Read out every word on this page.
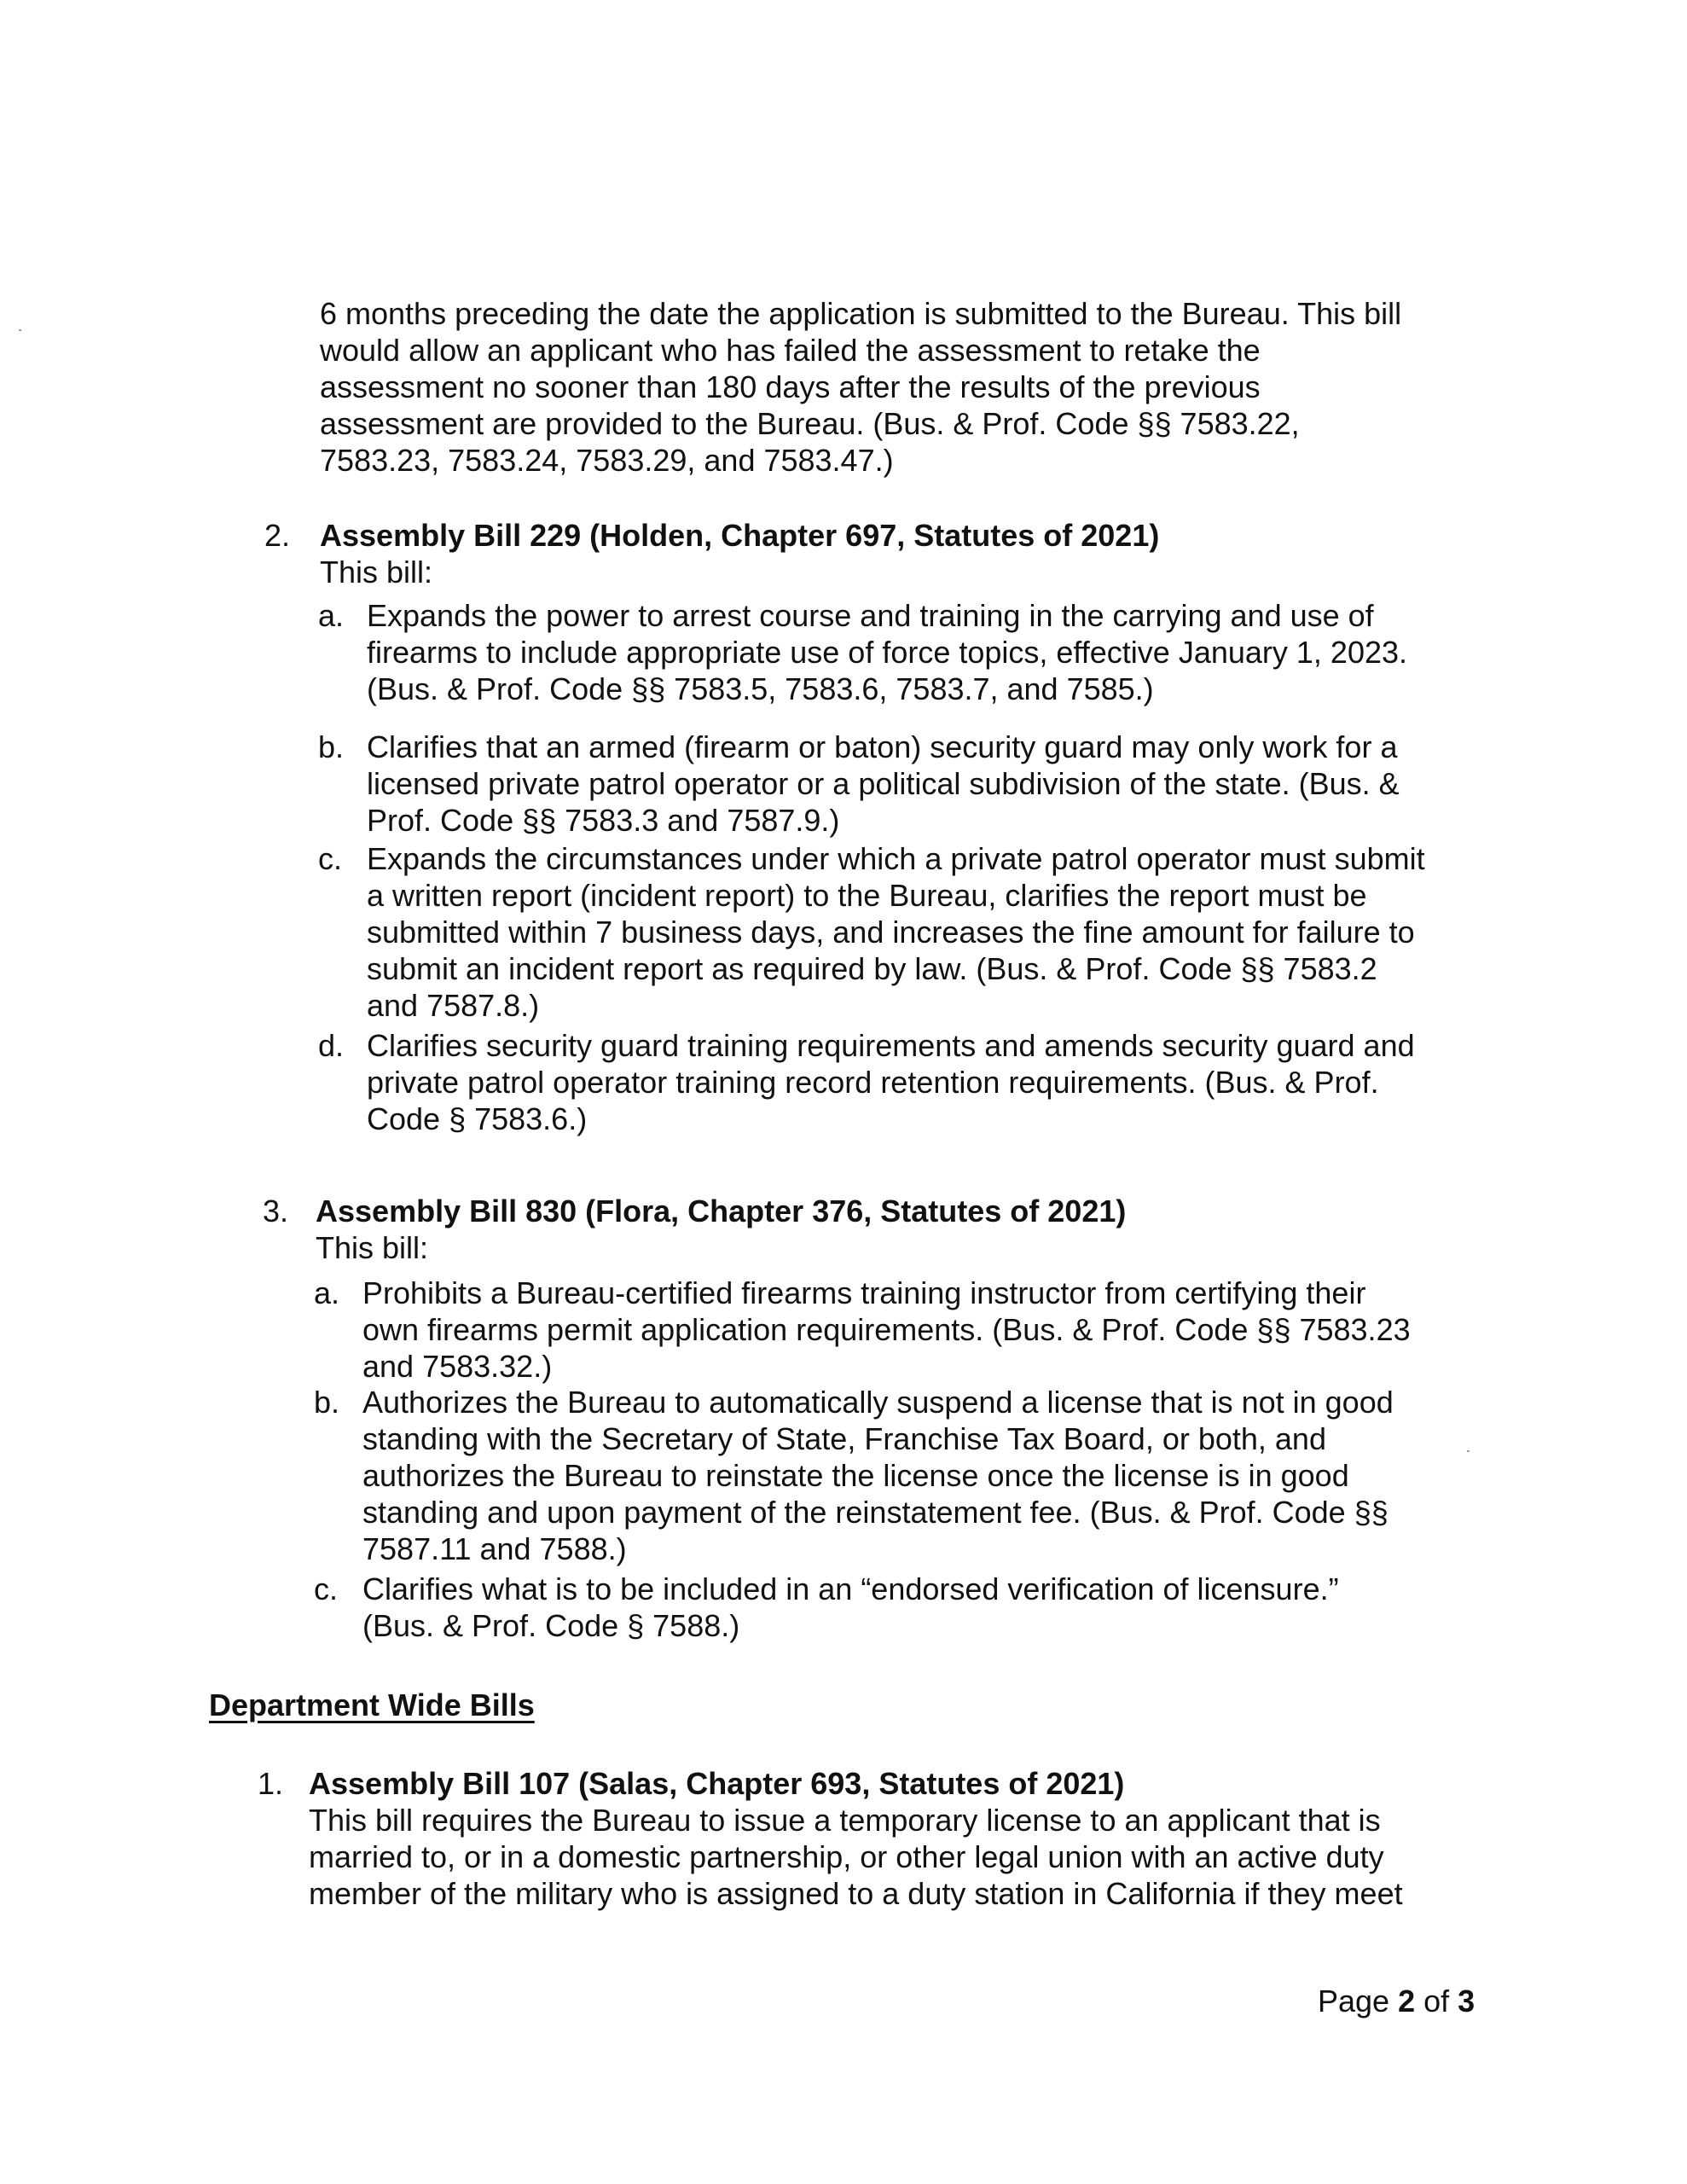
6 months preceding the date the application is submitted to the Bureau. This bill
would allow an applicant who has failed the assessment to retake the
assessment no sooner than 180 days after the results of the previous
assessment are provided to the Bureau. (Bus. & Prof. Code §§ 7583.22,
7583.23, 7583.24, 7583.29, and 7583.47.)
2. Assembly Bill 229 (Holden, Chapter 697, Statutes of 2021)
This bill:
a. Expands the power to arrest course and training in the carrying and use of
firearms to include appropriate use of force topics, effective January 1, 2023.
(Bus. & Prof. Code §§ 7583.5, 7583.6, 7583.7, and 7585.)
b. Clarifies that an armed (firearm or baton) security guard may only work for a
licensed private patrol operator or a political subdivision of the state. (Bus. &
Prof. Code §§ 7583.3 and 7587.9.)
c. Expands the circumstances under which a private patrol operator must submit
a written report (incident report) to the Bureau, clarifies the report must be
submitted within 7 business days, and increases the fine amount for failure to
submit an incident report as required by law. (Bus. & Prof. Code §§ 7583.2
and 7587.8.)
d. Clarifies security guard training requirements and amends security guard and
private patrol operator training record retention requirements. (Bus. & Prof.
Code § 7583.6.)
3. Assembly Bill 830 (Flora, Chapter 376, Statutes of 2021)
This bill:
a. Prohibits a Bureau-certified firearms training instructor from certifying their
own firearms permit application requirements. (Bus. & Prof. Code §§ 7583.23
and 7583.32.)
b. Authorizes the Bureau to automatically suspend a license that is not in good
standing with the Secretary of State, Franchise Tax Board, or both, and
authorizes the Bureau to reinstate the license once the license is in good
standing and upon payment of the reinstatement fee. (Bus. & Prof. Code §§
7587.11 and 7588.)
c. Clarifies what is to be included in an “endorsed verification of licensure.”
(Bus. & Prof. Code § 7588.)
Department Wide Bills
1. Assembly Bill 107 (Salas, Chapter 693, Statutes of 2021)
This bill requires the Bureau to issue a temporary license to an applicant that is
married to, or in a domestic partnership, or other legal union with an active duty
member of the military who is assigned to a duty station in California if they meet
Page 2 of 3
